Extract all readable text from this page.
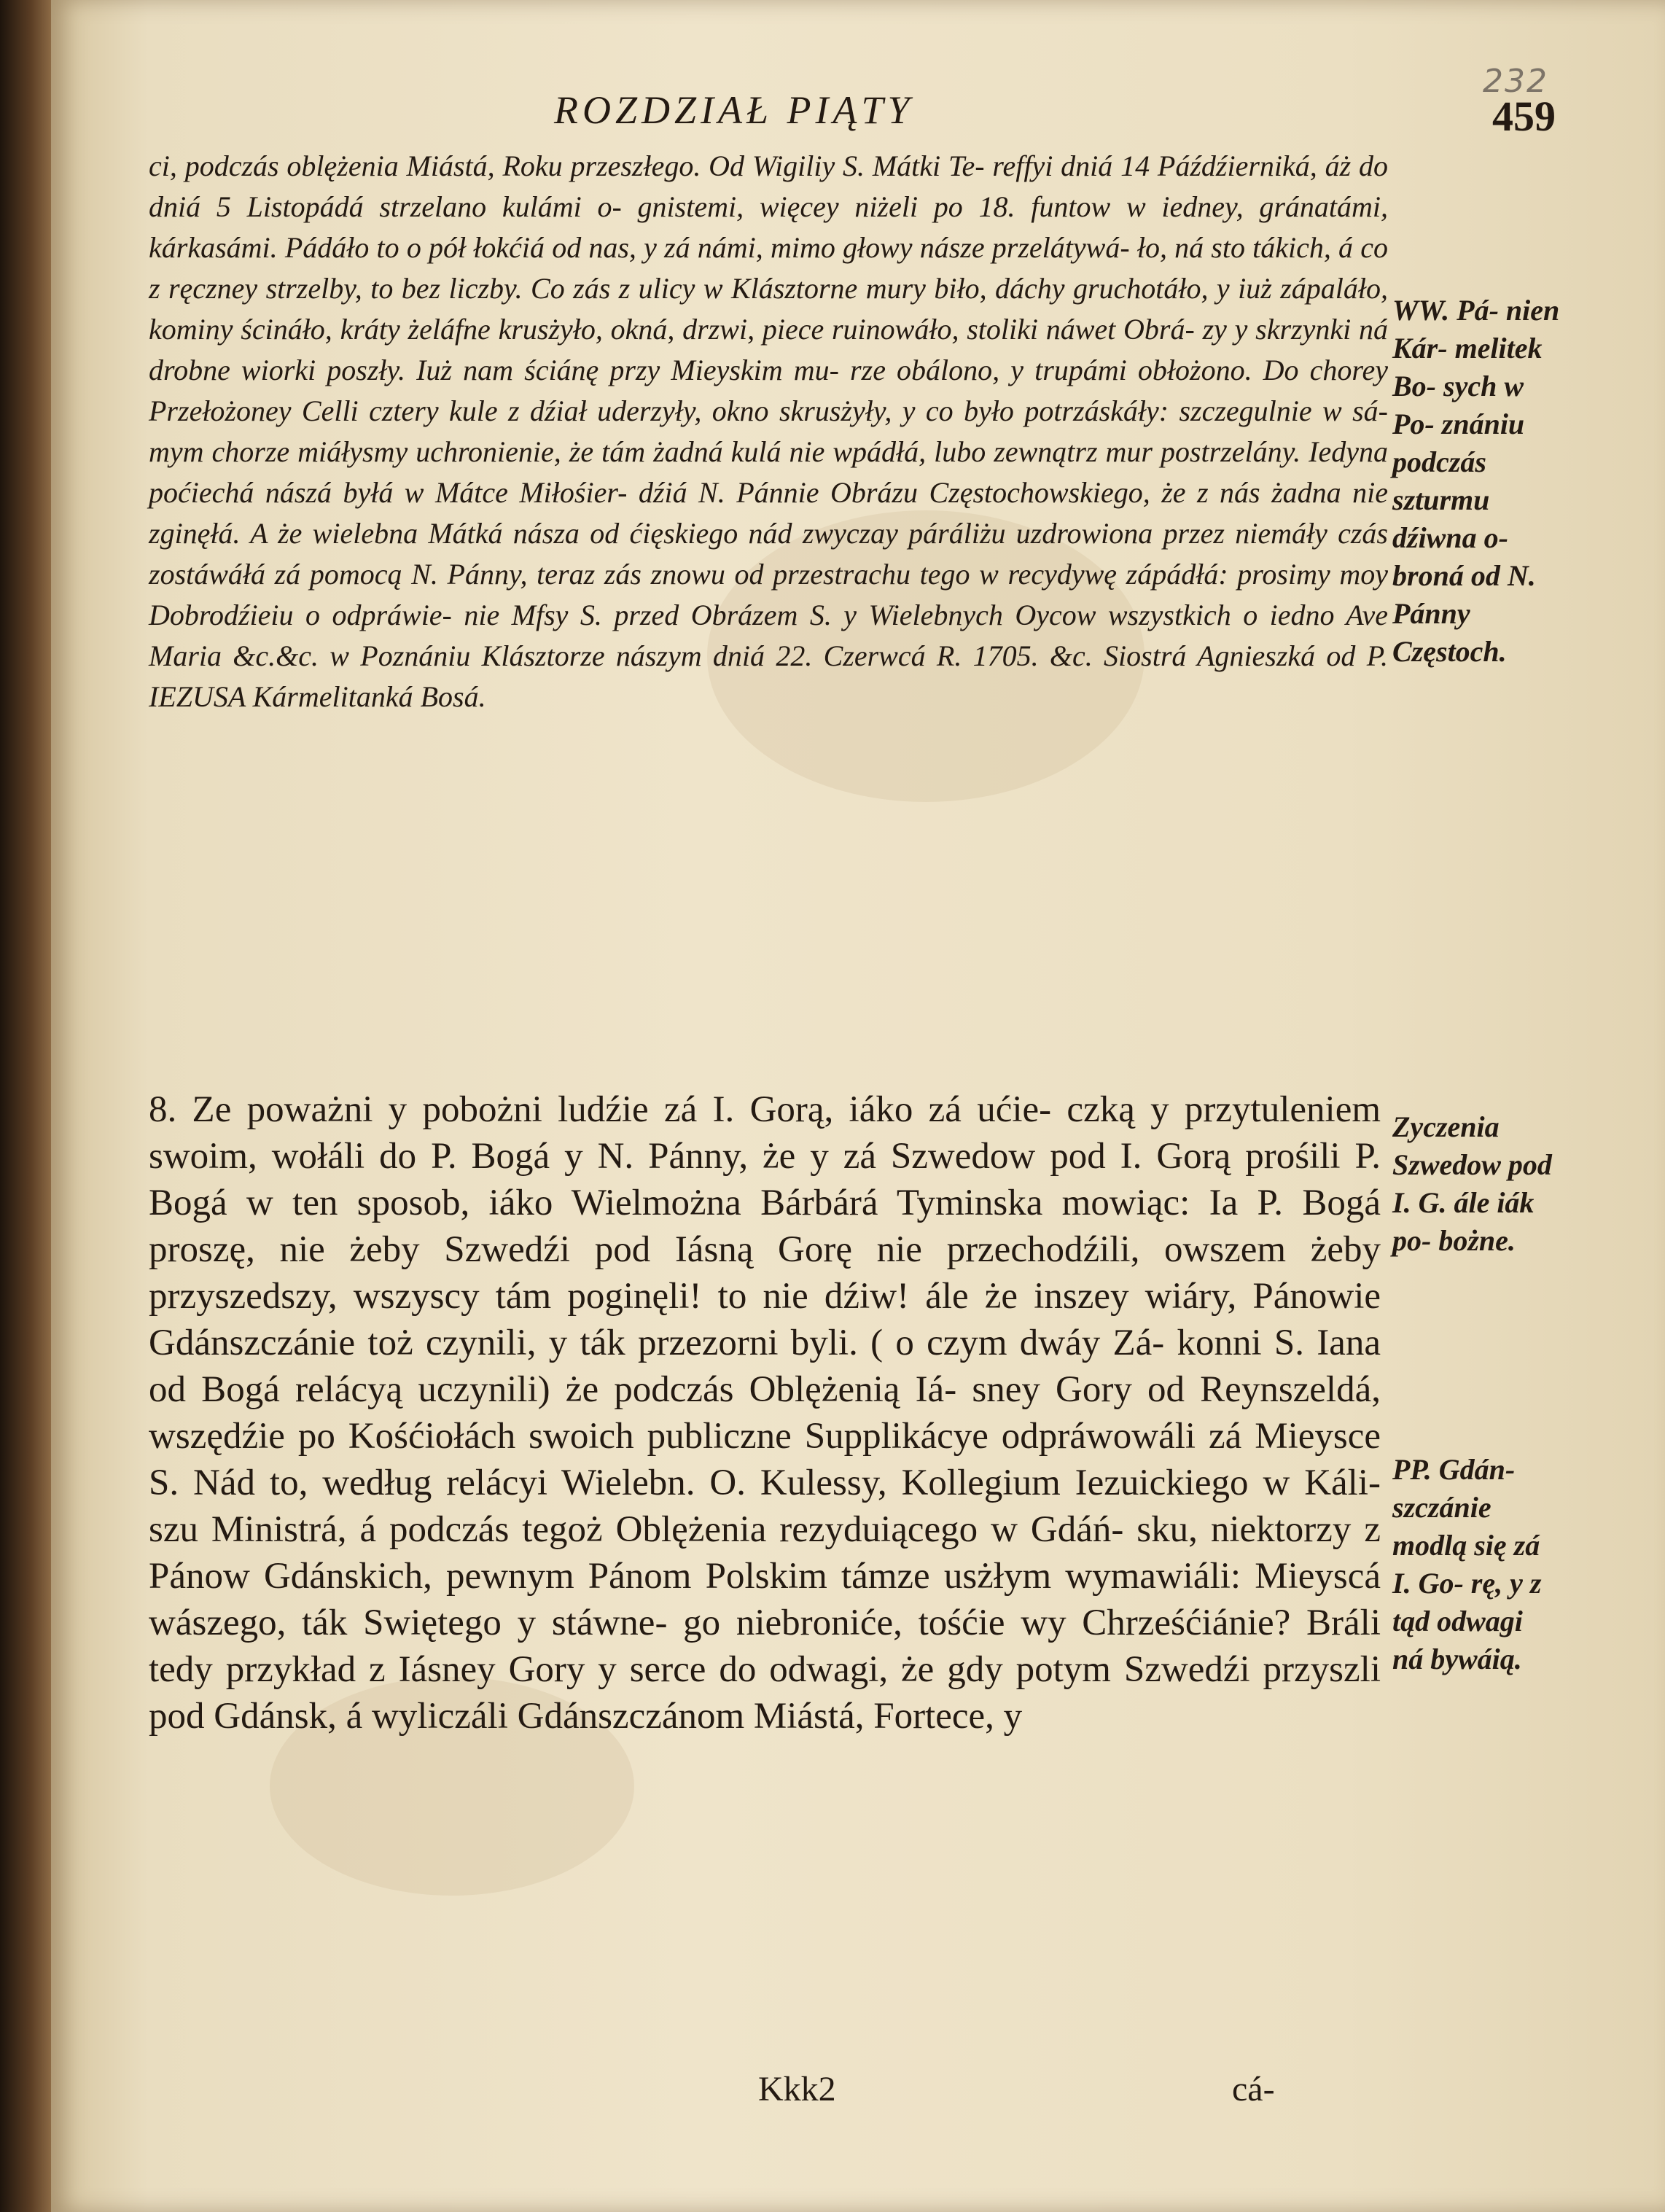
232
ROZDZIAŁ PIĄTY	459

ci, podczás oblężenia Miástá, Roku przeszłego. Od Wigiliy S. Mátki Te- reffyi dniá 14 Páźdźierniká, áż do dniá 5 Listopádá strzelano kulámi o- gnistemi, więcey niżeli po 18. funtow w iedney, gránatámi, kárkasámi. Pádáło to o pół łokćiá od nas, y zá námi, mimo głowy násze przelátywá- ło, ná sto tákich, á co z ręczney strzelby, to bez liczby. Co zás z ulicy w Klásztorne mury biło, dáchy gruchotáło, y iuż zápaláło, kominy ścináło, kráty żeláfne krusżyło, okná, drzwi, piece ruinowáło, stoliki náwet Obrá- zy y skrzynki ná drobne wiorki poszły. Iuż nam ściánę przy Mieyskim mu- rze obálono, y trupámi obłożono. Do chorey Przełożoney Celli cztery kule z dźiał uderzyły, okno skrusżyły, y co było potrzáskáły: szczegulnie w sá- mym chorze miáłysmy uchronienie, że tám żadná kulá nie wpádłá, lubo zewnątrz mur postrzelány. Iedyna poćiechá nászá byłá w Mátce Miłośier- dźiá N. Pánnie Obrázu Częstochowskiego, że z nás żadna nie zginęłá. A że wielebna Mátká násza od ćięskiego nád zwyczay páráliżu uzdrowiona przez niemáły czás zostáwáłá zá pomocą N. Pánny, teraz zás znowu od przestrachu tego w recydywę zápádłá: prosimy moy Dobrodźieiu o odpráwie- nie Mfsy S. przed Obrázem S. y Wielebnych Oycow wszystkich o iedno Ave Maria &c.&c. w Poznániu Klásztorze nászym dniá 22. Czerwcá R. 1705. &c. Siostrá Agnieszká od P. IEZUSA Kármelitanká Bosá.

WW. Pá- nien Kár- melitek Bo- sych w Po- znániu podczás szturmu dźiwna o- broná od N. Pánny Częstoch.

8. Ze poważni y pobożni ludźie zá I. Gorą, iáko zá ućie- czką y przytuleniem swoim, wołáli do P. Bogá y N. Pánny, że y zá Szwedow pod I. Gorą prośili P. Bogá w ten sposob, iáko Wielmożna Bárbárá Tyminska mowiąc: Ia P. Bogá proszę, nie żeby Szwedźi pod Iásną Gorę nie przechodźili, owszem żeby przyszedszy, wszyscy tám poginęli! to nie dźiw! ále że inszey wiáry, Pánowie Gdánszczánie toż czynili, y ták przezorni byli. ( o czym dwáy Zá- konni S. Iana od Bogá relácyą uczynili) że podczás Oblężenią Iá- sney Gory od Reynszeldá, wszędźie po Kośćiołách swoich publiczne Supplikácye odpráwowáli zá Mieysce S. Nád to, według relácyi Wielebn. O. Kulessy, Kollegium Iezuickiego w Káli- szu Ministrá, á podczás tegoż Oblężenia rezyduiącego w Gdáń- sku, niektorzy z Pánow Gdánskich, pewnym Pánom Polskim támze usżłym wymawiáli: Mieyscá wászego, ták Swiętego y stáwne- go niebroniće, tośćie wy Chrześćiánie? Bráli tedy przykład z Iásney Gory y serce do odwagi, że gdy potym Szwedźi przyszli pod Gdánsk, á wyliczáli Gdánszczánom Miástá, Fortece, y

Zyczenia Szwedow pod I. G. ále iák po- bożne.
PP. Gdán- szczánie modlą się zá I. Go- rę, y z tąd odwagi ná bywáią.
Kkk2	cá-
